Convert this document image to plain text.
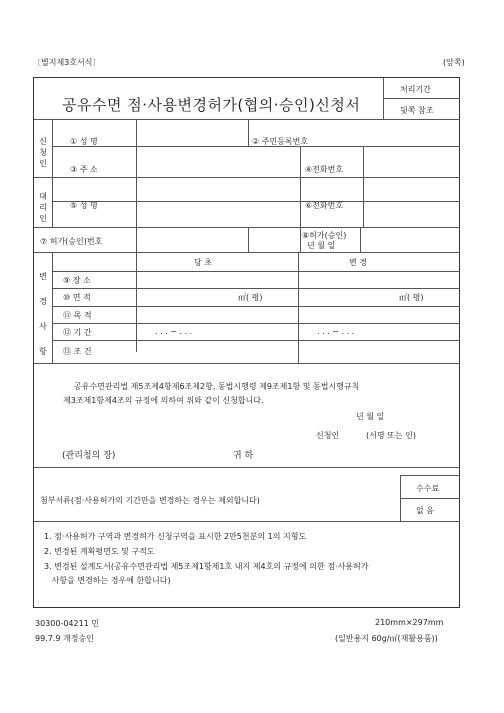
〔별지제3호서식〕	(앞쪽)
공유수면 점·사용변경허가(협의·승인)신청서
처리기간
뒷쪽 참조
신
청
인
① 성 명	② 주민등록번호
③ 주 소	④전화번호
대
리
인
⑤ 성 명	⑥전화번호
⑦ 허가(승인)번호
⑧허가(승인)
년 월 일
변
경
사
항
당 초	변 경
⑨ 장 소
⑩ 면 적	㎡( 평)	㎡( 평)
⑪ 목 적
⑫ 기 간	. . . ~ . . .	. . . ~ . . .
⑬ 조 건
공유수면관리법 제5조제4항제6조제2항, 동법시행령 제9조제1항 및 동법시행규칙
제3조제1항제4조의 규정에 의하여 위와 같이 신청합니다.
년 월 일
신청인	(서명 또는 인)
(관리청의 장)	귀 하
수수료
없 음
첨부서류(점·사용허가의 기간만을 변경하는 경우는 제외합니다)
1. 점·사용허가 구역과 변경허가 신청구역을 표시한 2만5천분의 1의 지형도
2. 변경된 계획평면도 및 구적도
3. 변경된 설계도서(공유수면관리법 제5조제1항제1호 내지 제4호의 규정에 의한 점·사용허가
사항을 변경하는 경우에 한합니다)
30300-04211 민
99.7.9 개정승인
210mm×297mm
(일반용지 60g/㎡(재활용품))
